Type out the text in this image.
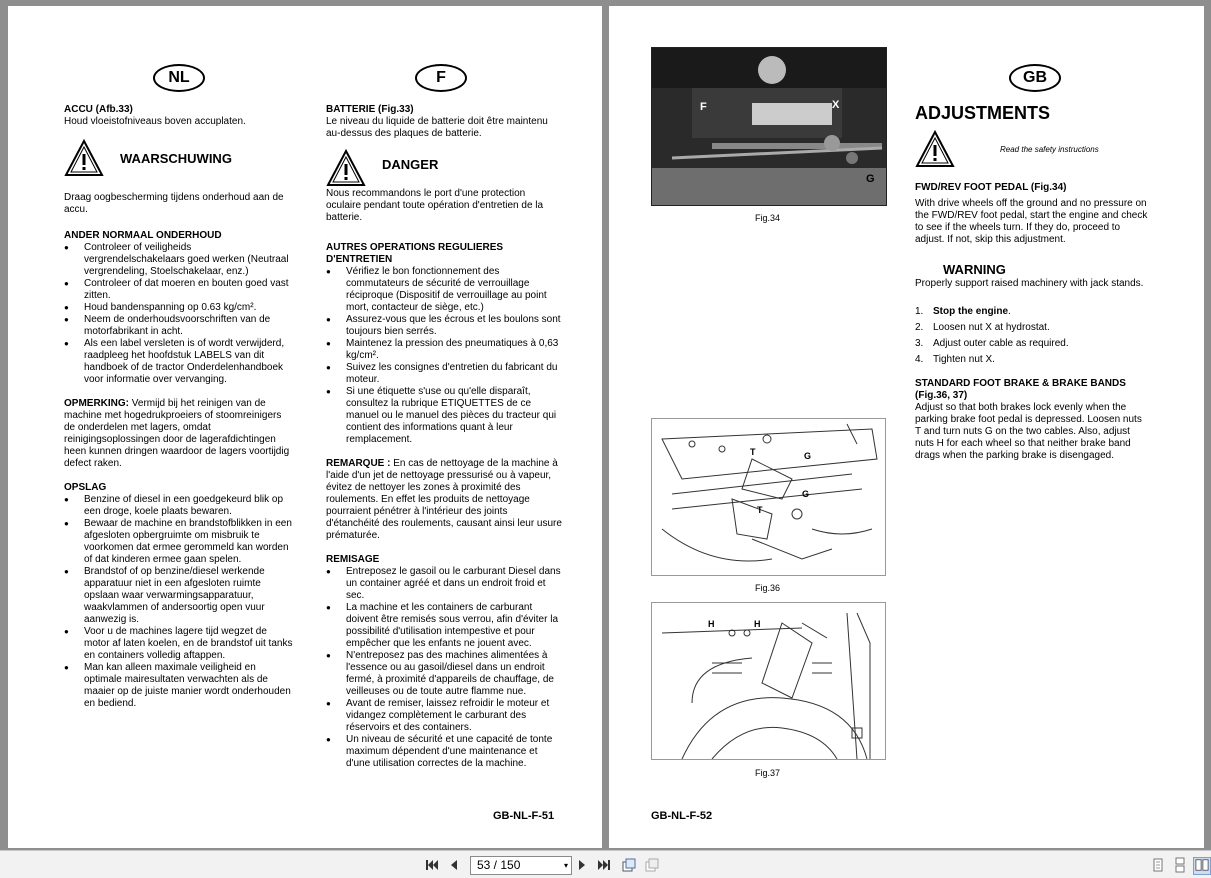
NL	F
ACCU (Afb.33)
Houd vloeistofniveaus boven accuplaten.
WAARSCHUWING
Draag oogbescherming tijdens onderhoud aan de accu.
ANDER NORMAAL ONDERHOUD
● Controleer of veiligheids vergrendelschakelaars goed werken (Neutraal vergrendeling, Stoelschakelaar, enz.)
● Controleer of dat moeren en bouten goed vast zitten.
● Houd bandenspanning op 0.63 kg/cm².
● Neem de onderhoudsvoorschriften van de motorfabrikant in acht.
● Als een label versleten is of wordt verwijderd, raadpleeg het hoofdstuk LABELS van dit handboek of de tractor Onderdelenhandboek voor informatie over vervanging.
OPMERKING: Vermijd bij het reinigen van de machine met hogedrukproeiers of stoomreinigers de onderdelen met lagers, omdat reinigingsoplossingen door de lagerafdichtingen heen kunnen dringen waardoor de lagers voortijdig defect raken.
OPSLAG
● Benzine of diesel in een goedgekeurd blik op een droge, koele plaats bewaren.
● Bewaar de machine en brandstofblikken in een afgesloten opbergruimte om misbruik te voorkomen dat ermee gerommeld kan worden of dat kinderen ermee gaan spelen.
● Brandstof of op benzine/diesel werkende apparatuur niet in een afgesloten ruimte opslaan waar verwarmingsapparatuur, waakvlammen of andersoortig open vuur aanwezig is.
● Voor u de machines lagere tijd wegzet de motor af laten koelen, en de brandstof uit tanks en containers volledig aftappen.
● Man kan alleen maximale veiligheid en optimale mairesultaten verwachten als de maaier op de juiste manier wordt onderhouden en bediend.
BATTERIE (Fig.33)
Le niveau du liquide de batterie doit être maintenu au-dessus des plaques de batterie.
DANGER
Nous recommandons le port d'une protection oculaire pendant toute opération d'entretien de la batterie.
AUTRES OPERATIONS REGULIERES D'ENTRETIEN
● Vérifiez le bon fonctionnement des commutateurs de sécurité de verrouillage réciproque (Dispositif de verrouillage au point mort, contacteur de siège, etc.)
● Assurez-vous que les écrous et les boulons sont toujours bien serrés.
● Maintenez la pression des pneumatiques à 0,63 kg/cm².
● Suivez les consignes d'entretien du fabricant du moteur.
● Si une étiquette s'use ou qu'elle disparaît, consultez la rubrique ETIQUETTES de ce manuel ou le manuel des pièces du tracteur qui contient des informations quant à leur remplacement.
REMARQUE : En cas de nettoyage de la machine à l'aide d'un jet de nettoyage pressurisé ou à vapeur, évitez de nettoyer les zones à proximité des roulements. En effet les produits de nettoyage pourraient pénétrer à l'intérieur des joints d'étanchéité des roulements, causant ainsi leur usure prématurée.
REMISAGE
● Entreposez le gasoil ou le carburant Diesel dans un container agréé et dans un endroit froid et sec.
● La machine et les containers de carburant doivent être remisés sous verrou, afin d'éviter la possibilité d'utilisation intempestive et pour empêcher que les enfants ne jouent avec.
● N'entreposez pas des machines alimentées à l'essence ou au gasoil/diesel dans un endroit fermé, à proximité d'appareils de chauffage, de veilleuses ou de toute autre flamme nue.
● Avant de remiser, laissez refroidir le moteur et vidangez complètement le carburant des réservoirs et des containers.
● Un niveau de sécurité et une capacité de tonte maximum dépendent d'une maintenance et d'une utilisation correctes de la machine.
GB-NL-F-51
F	X
G
Fig.34
T	G
G
T
Fig.36
H	H
Fig.37
GB
ADJUSTMENTS
Read the safety instructions
FWD/REV FOOT PEDAL (Fig.34)
With drive wheels off the ground and no pressure on the FWD/REV foot pedal, start the engine and check to see if the wheels turn. If they do, proceed to adjust. If not, skip this adjustment.
WARNING
Properly support raised machinery with jack stands.
1. Stop the engine.
2. Loosen nut X at hydrostat.
3. Adjust outer cable as required.
4. Tighten nut X.
STANDARD FOOT BRAKE & BRAKE BANDS (Fig.36, 37)
Adjust so that both brakes lock evenly when the parking brake foot pedal is depressed. Loosen nuts T and turn nuts G on the two cables. Also, adjust nuts H for each wheel so that neither brake band drags when the parking brake is disengaged.
GB-NL-F-52
53 / 150	▾
